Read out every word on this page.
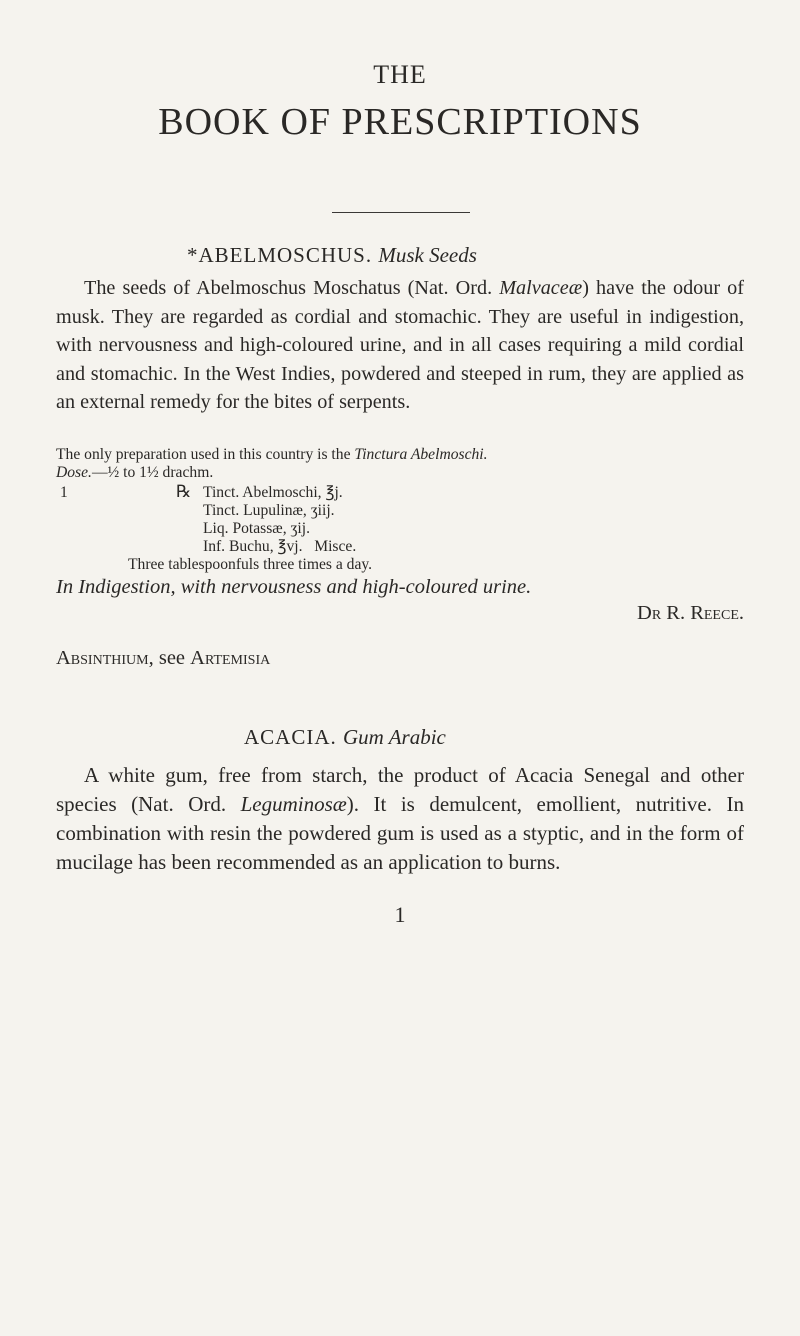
THE
BOOK OF PRESCRIPTIONS
*ABELMOSCHUS. Musk Seeds
The seeds of Abelmoschus Moschatus (Nat. Ord. Malvaceæ) have the odour of musk. They are regarded as cordial and stomachic. They are useful in indigestion, with nervousness and high-coloured urine, and in all cases requiring a mild cordial and stomachic. In the West Indies, powdered and steeped in rum, they are applied as an external remedy for the bites of serpents.
The only preparation used in this country is the Tinctura Abelmoschi.
Dose.—½ to 1½ drachm.
1	℞ Tinct. Abelmoschi, ℥j.
Tinct. Lupulinæ, ʒiij.
Liq. Potassæ, ʒij.
Inf. Buchu, ℥vj.   Misce.
Three tablespoonfuls three times a day.
In Indigestion, with nervousness and high-coloured urine.
Dr R. Reece.
Absinthium, see Artemisia
ACACIA. Gum Arabic
A white gum, free from starch, the product of Acacia Senegal and other species (Nat. Ord. Leguminosæ). It is demulcent, emollient, nutritive. In combination with resin the powdered gum is used as a styptic, and in the form of mucilage has been recommended as an application to burns.
1
